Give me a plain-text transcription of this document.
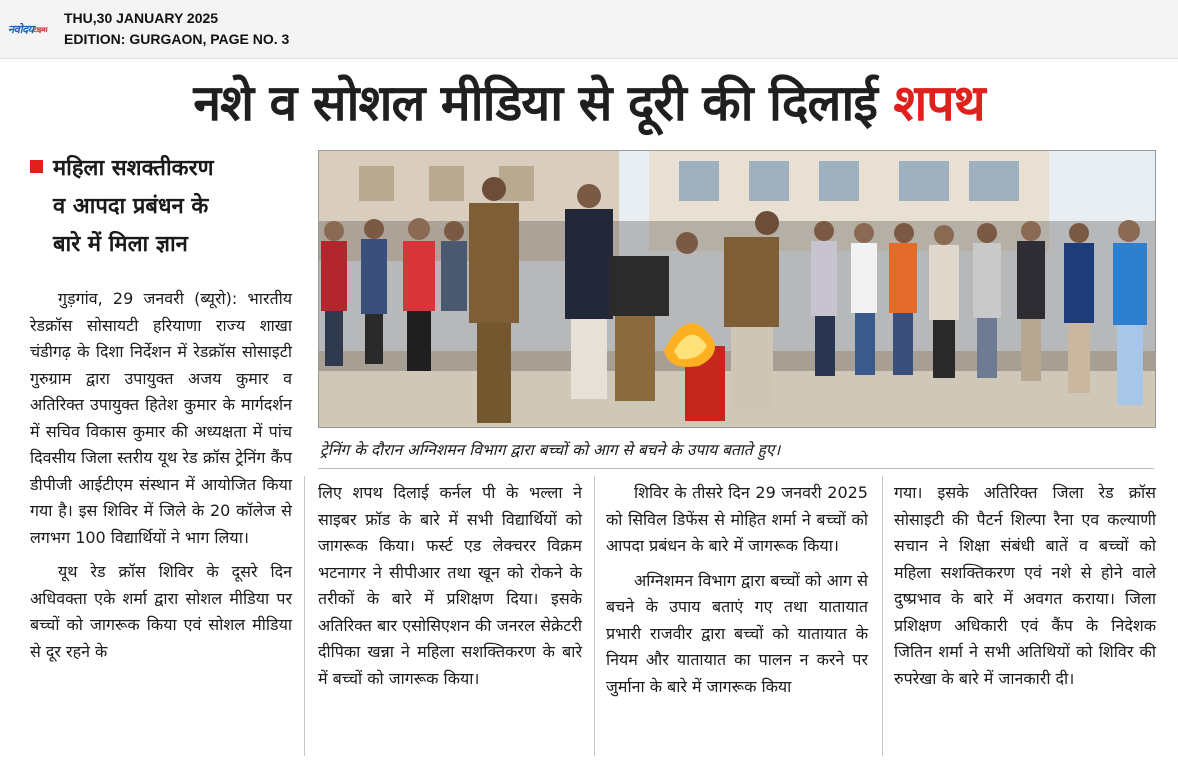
नवोदयटाइम्स
THU,30 JANUARY 2025
EDITION: GURGAON, PAGE NO. 3
नशे व सोशल मीडिया से दूरी की दिलाई शपथ
महिला सशक्तीकरण
व आपदा प्रबंधन के
बारे में मिला ज्ञान
ट्रेनिंग के दौरान अग्निशमन विभाग द्वारा बच्चों को आग से बचने के उपाय बताते हुए।

गुड़गांव, 29 जनवरी (ब्यूरो): भारतीय रेडक्रॉस सोसायटी हरियाणा राज्य शाखा चंडीगढ़ के दिशा निर्देशन में रेडक्रॉस सोसाइटी गुरुग्राम द्वारा उपायुक्त अजय कुमार व अतिरिक्त उपायुक्त हितेश कुमार के मार्गदर्शन में सचिव विकास कुमार की अध्यक्षता में पांच दिवसीय जिला स्तरीय यूथ रेड क्रॉस ट्रेनिंग कैंप डीपीजी आईटीएम संस्थान में आयोजित किया गया है। इस शिविर में जिले के 20 कॉलेज से लगभग 100 विद्यार्थियों ने भाग लिया।

यूथ रेड क्रॉस शिविर के दूसरे दिन अधिवक्ता एके शर्मा द्वारा सोशल मीडिया पर बच्चों को जागरूक किया एवं सोशल मीडिया से दूर रहने के

लिए शपथ दिलाई कर्नल पी के भल्ला ने साइबर फ्रॉड के बारे में सभी विद्यार्थियों को जागरूक किया। फर्स्ट एड लेक्चरर विक्रम भटनागर ने सीपीआर तथा खून को रोकने के तरीकों के बारे में प्रशिक्षण दिया। इसके अतिरिक्त बार एसोसिएशन की जनरल सेक्रेटरी दीपिका खन्ना ने महिला सशक्तिकरण के बारे में बच्चों को जागरूक किया।

शिविर के तीसरे दिन 29 जनवरी 2025 को सिविल डिफेंस से मोहित शर्मा ने बच्चों को आपदा प्रबंधन के बारे में जागरूक किया।

अग्निशमन विभाग द्वारा बच्चों को आग से बचने के उपाय बताएं गए तथा यातायात प्रभारी राजवीर द्वारा बच्चों को यातायात के नियम और यातायात का पालन न करने पर जुर्माना के बारे में जागरूक किया

गया। इसके अतिरिक्त जिला रेड क्रॉस सोसाइटी की पैटर्न शिल्पा रैना एव कल्याणी सचान ने शिक्षा संबंधी बातें व बच्चों को महिला सशक्तिकरण एवं नशे से होने वाले दुष्प्रभाव के बारे में अवगत कराया। जिला प्रशिक्षण अधिकारी एवं कैंप के निदेशक जितिन शर्मा ने सभी अतिथियों को शिविर की रुपरेखा के बारे में जानकारी दी।
